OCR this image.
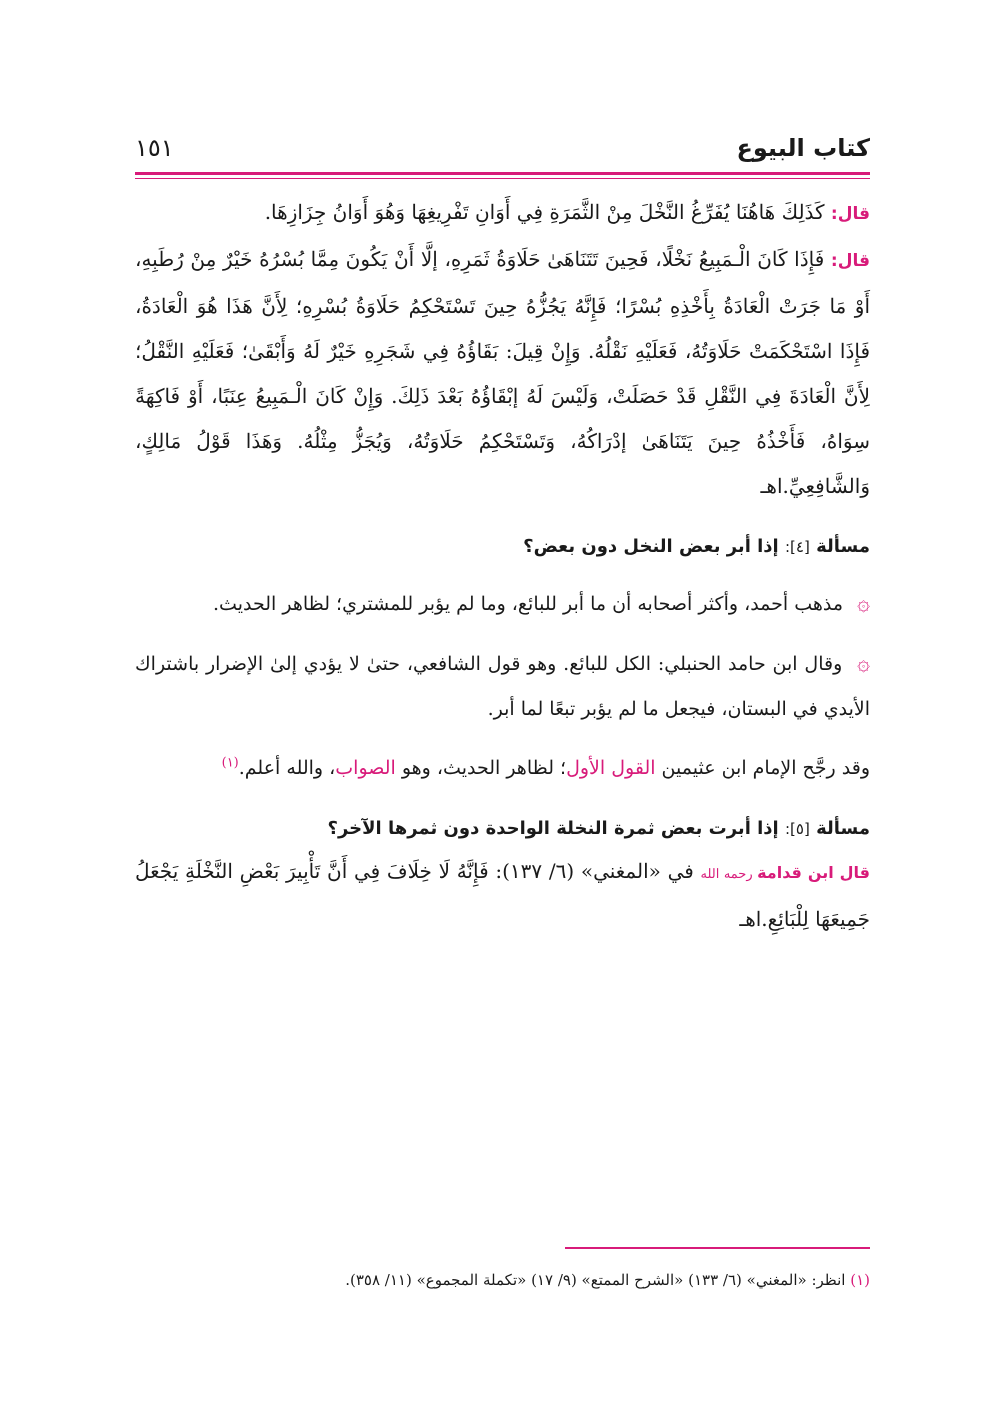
كتاب البيوع
١٥١

قال: كَذَلِكَ هَاهُنَا يُفَرِّغُ النَّخْلَ مِنْ الثَّمَرَةِ فِي أَوَانِ تَفْرِيغِهَا وَهُوَ أَوَانُ جِزَازِهَا.

قال: فَإِذَا كَانَ الْـمَبِيعُ نَخْلًا، فَحِينَ تَتَنَاهَىٰ حَلَاوَةُ ثَمَرِهِ، إلَّا أَنْ يَكُونَ مِمَّا بُسْرُهُ خَيْرٌ مِنْ رُطَبِهِ، أَوْ مَا جَرَتْ الْعَادَةُ بِأَخْذِهِ بُسْرًا؛ فَإِنَّهُ يَجُزُّهُ حِينَ تَسْتَحْكِمُ حَلَاوَةُ بُسْرِهِ؛ لِأَنَّ هَذَا هُوَ الْعَادَةُ، فَإِذَا اسْتَحْكَمَتْ حَلَاوَتُهُ، فَعَلَيْهِ نَقْلُهُ. وَإِنْ قِيلَ: بَقَاؤُهُ فِي شَجَرِهِ خَيْرٌ لَهُ وَأَبْقَىٰ؛ فَعَلَيْهِ النَّقْلُ؛ لِأَنَّ الْعَادَةَ فِي النَّقْلِ قَدْ حَصَلَتْ، وَلَيْسَ لَهُ إبْقَاؤُهُ بَعْدَ ذَلِكَ. وَإِنْ كَانَ الْـمَبِيعُ عِنَبًا، أَوْ فَاكِهَةً سِوَاهُ، فَأَخْذُهُ حِينَ يَتَنَاهَىٰ إدْرَاكُهُ، وَتَسْتَحْكِمُ حَلَاوَتُهُ، وَيُجَزُّ مِثْلُهُ. وَهَذَا قَوْلُ مَالِكٍ، وَالشَّافِعِيِّ.اهـ

مسألة [٤]: إذا أبر بعض النخل دون بعض؟

۞ مذهب أحمد، وأكثر أصحابه أن ما أبر للبائع، وما لم يؤبر للمشتري؛ لظاهر الحديث.

۞ وقال ابن حامد الحنبلي: الكل للبائع. وهو قول الشافعي، حتىٰ لا يؤدي إلىٰ الإضرار باشتراك الأيدي في البستان، فيجعل ما لم يؤبر تبعًا لما أبر.

وقد رجَّح الإمام ابن عثيمين القول الأول؛ لظاهر الحديث، وهو الصواب، والله أعلم.$^{(١)}$

مسألة [٥]: إذا أبرت بعض ثمرة النخلة الواحدة دون ثمرها الآخر؟

قال ابن قدامة رحمه الله في «المغني» (٦/ ١٣٧): فَإِنَّهُ لَا خِلَافَ فِي أَنَّ تَأْبِيرَ بَعْضِ النَّخْلَةِ يَجْعَلُ جَمِيعَهَا لِلْبَائِعِ.اهـ

(١) انظر: «المغني» (٦/ ١٣٣) «الشرح الممتع» (٩/ ١٧) «تكملة المجموع» (١١/ ٣٥٨).
